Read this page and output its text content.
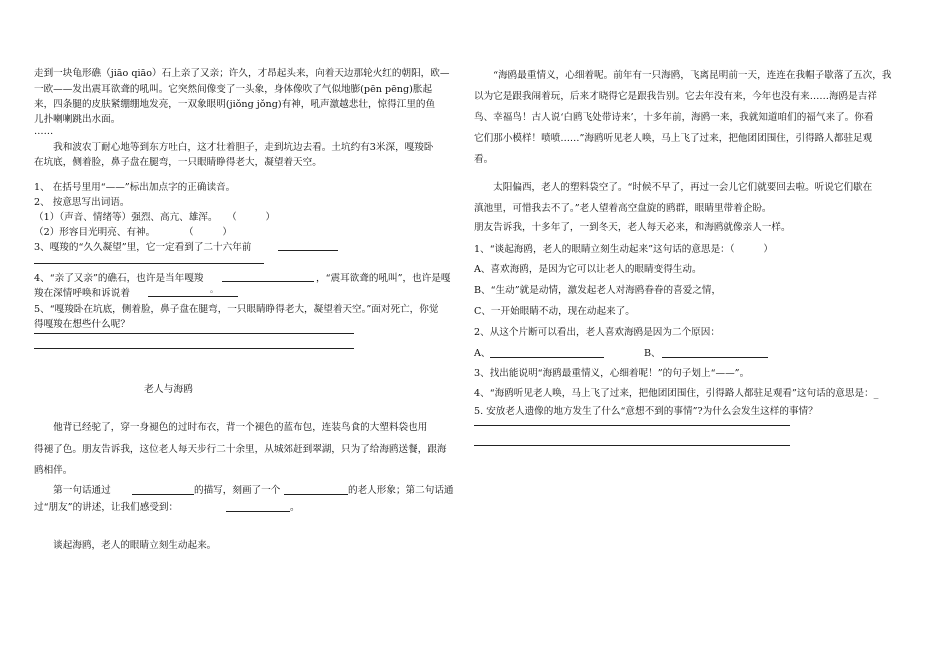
走到一块龟形礁（jiāo qiāo）石上亲了又亲；许久，才昂起头来，向着天边那轮火红的朝阳，欧—
一欧——发出震耳欲聋的吼叫。它突然间像变了一头象，身体像吹了气似地膨(pēn pēng)胀起
来，四条腿的皮肤紧绷绷地发亮，一双象眼明(jiǒng jǒng)有神，吼声激越悲壮，惊得江里的鱼
儿扑喇喇跳出水面。
……
　　我和波农丁耐心地等到东方吐白，这才壮着胆子，走到坑边去看。土坑约有3米深，嘎羧卧
在坑底，侧着脸，鼻子盘在腿弯，一只眼睛睁得老大，凝望着天空。
1、 在括号里用“——”标出加点字的正确读音。
2、 按意思写出词语。
（1）（声音、情绪等）强烈、高亢、雄浑。　　（　　　）
（2）形容目光明亮、有神。　　　　（　　　）
3、嘎羧的“久久凝望”里，它一定看到了二十六年前
4、“亲了又亲”的礁石，也许是当年嘎羧	，“震耳欲聋的吼叫”，也许是嘎
羧在深情呼唤和诉说着	。
5、“嘎羧卧在坑底，侧着脸，鼻子盘在腿弯，一只眼睛睁得老大，凝望着天空。”面对死亡，你觉
得嘎羧在想些什么呢？
老人与海鸥
　　他背已经驼了，穿一身褪色的过时布衣，背一个褪色的蓝布包，连装鸟食的大塑料袋也用
得褪了色。朋友告诉我，这位老人每天步行二十余里，从城郊赶到翠湖，只为了给海鸥送餐，跟海
鸥相伴。
　　第一句话通过	的描写，刻画了一个	的老人形象；第二句话通
过“朋友”的讲述，让我们感受到：	。
　　谈起海鸥，老人的眼睛立刻生动起来。
　　“海鸥最重情义，心细着呢。前年有一只海鸥，飞离昆明前一天，连连在我帽子歇落了五次，我
以为它是跟我闹着玩，后来才晓得它是跟我告别。它去年没有来，今年也没有来……海鸥是吉祥
鸟、幸福鸟！古人说‘白鸥飞处带诗来’，十多年前，海鸥一来，我就知道咱们的福气来了。你看
它们那小模样！喷喷……”海鸥听见老人唤，马上飞了过来，把他团团围住，引得路人都驻足观
看。
　　太阳偏西，老人的塑料袋空了。“时候不早了，再过一会儿它们就要回去啦。听说它们歇在
滇池里，可惜我去不了。”老人望着高空盘旋的鸥群，眼睛里带着企盼。
朋友告诉我，十多年了，一到冬天，老人每天必来，和海鸥就像亲人一样。
1、“谈起海鸥，老人的眼睛立刻生动起来”这句话的意思是：（　　　）
A、喜欢海鸥，是因为它可以让老人的眼睛变得生动。
B、“生动”就是动情，激发起老人对海鸥眷眷的喜爱之情，
C、一开始眼睛不动，现在动起来了。
2、从这个片断可以看出，老人喜欢海鸥是因为二个原因：
A、	B、
3、找出能说明“海鸥最重情义，心细着呢！”的句子划上“——”。
4、“海鸥听见老人唤，马上飞了过来，把他团团围住，引得路人都驻足观看”这句话的意思是：_
5. 安放老人遗像的地方发生了什么“意想不到的事情”?为什么会发生这样的事情？
